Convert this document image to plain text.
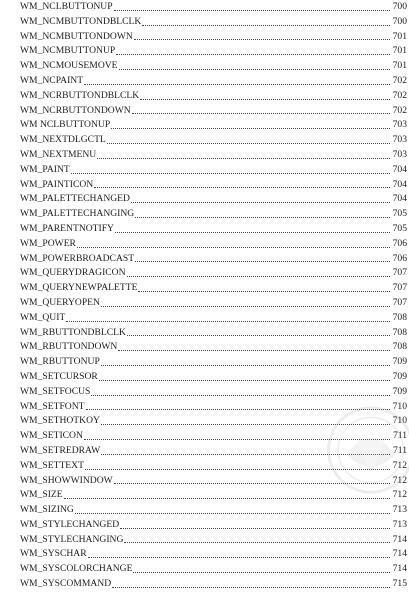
WM_NCLBUTTONUP	700
WM_NCMBUTTONDBLCLK	700
WM_NCMBUTTONDOWN	701
WM_NCMBUTTONUP	701
WM_NCMOUSEMOVE	701
WM_NCPAINT	702
WM_NCRBUTTONDBLCLK	702
WM_NCRBUTTONDOWN	702
WM NCLBUTTONUP	703
WM_NEXTDLGCTL	703
WM_NEXTMENU	703
WM_PAINT	704
WM_PAINTICON	704
WM_PALETTECHANGED	704
WM_PALETTECHANGING	705
WM_PARENTNOTIFY	705
WM_POWER	706
WM_POWERBROADCAST	706
WM_QUERYDRAGICON	707
WM_QUERYNEWPALETTE	707
WM_QUERYOPEN	707
WM_QUIT	708
WM_RBUTTONDBLCLK	708
WM_RBUTTONDOWN	708
WM_RBUTTONUP	709
WM_SETCURSOR	709
WM_SETFOCUS	709
WM_SETFONT	710
WM_SETHOTKOY	710
WM_SETICON	711
WM_SETREDRAW	711
WM_SETTEXT	712
WM_SHOWWINDOW	712
WM_SIZE	712
WM_SIZING	713
WM_STYLECHANGED	713
WM_STYLECHANGING	714
WM_SYSCHAR	714
WM_SYSCOLORCHANGE	714
WM_SYSCOMMAND	715
